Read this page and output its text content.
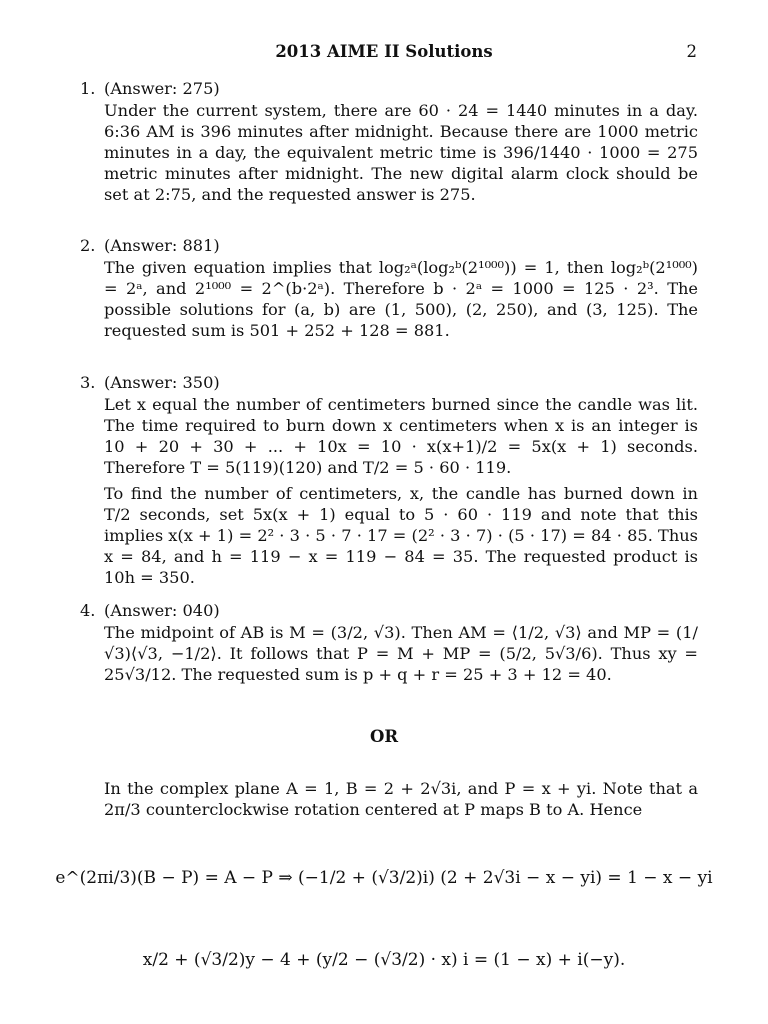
2013 AIME II Solutions	2
1. (Answer: 275)

Under the current system, there are 60 · 24 = 1440 minutes in a day. 6:36 AM is 396 minutes after midnight. Because there are 1000 metric minutes in a day, the equivalent metric time is 396/1440 · 1000 = 275 metric minutes after midnight. The new digital alarm clock should be set at 2:75, and the requested answer is 275.

2. (Answer: 881)

The given equation implies that log₂ᵃ(log₂ᵇ(2¹⁰⁰⁰)) = 1, then log₂ᵇ(2¹⁰⁰⁰) = 2ᵃ, and 2¹⁰⁰⁰ = 2^(b·2ᵃ). Therefore b · 2ᵃ = 1000 = 125 · 2³. The possible solutions for (a, b) are (1, 500), (2, 250), and (3, 125). The requested sum is 501 + 252 + 128 = 881.

3. (Answer: 350)

Let x equal the number of centimeters burned since the candle was lit. The time required to burn down x centimeters when x is an integer is 10 + 20 + 30 + ... + 10x = 10 · x(x+1)/2 = 5x(x + 1) seconds. Therefore T = 5(119)(120) and T/2 = 5 · 60 · 119.

To find the number of centimeters, x, the candle has burned down in T/2 seconds, set 5x(x + 1) equal to 5 · 60 · 119 and note that this implies x(x + 1) = 2² · 3 · 5 · 7 · 17 = (2² · 3 · 7) · (5 · 17) = 84 · 85. Thus x = 84, and h = 119 − x = 119 − 84 = 35. The requested product is 10h = 350.

4. (Answer: 040)

The midpoint of AB is M = (3/2, √3). Then AM = ⟨1/2, √3⟩ and MP = (1/√3)⟨√3, −1/2⟩. It follows that P = M + MP = (5/2, 5√3/6). Thus xy = 25√3/12. The requested sum is p + q + r = 25 + 3 + 12 = 40.

OR

In the complex plane A = 1, B = 2 + 2√3i, and P = x + yi. Note that a 2π/3 counterclockwise rotation centered at P maps B to A. Hence

e^(2πi/3)(B − P) = A − P ⇒ (−1/2 + (√3/2)i) (2 + 2√3i − x − yi) = 1 − x − yi
x/2 + (√3/2)y − 4 + (y/2 − (√3/2) · x) i = (1 − x) + i(−y).
